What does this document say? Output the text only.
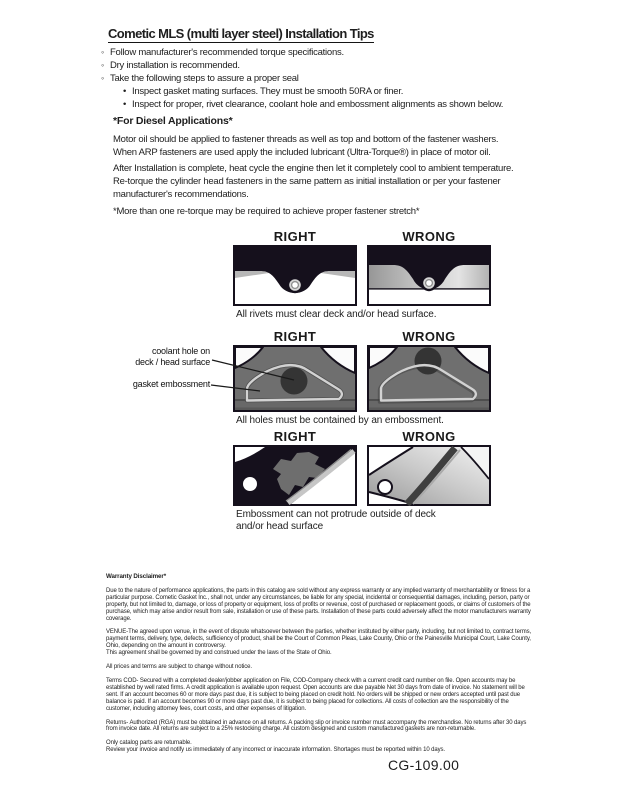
Cometic MLS (multi layer steel) Installation Tips
◦ Follow manufacturer's recommended torque specifications.
◦ Dry installation is recommended.
◦ Take the following steps to assure a proper seal
• Inspect gasket mating surfaces. They must be smooth 50RA or finer.
• Inspect for proper, rivet clearance, coolant hole and embossment alignments as shown below.
*For Diesel Applications*

Motor oil should be applied to fastener threads as well as top and bottom of the fastener washers. When ARP fasteners are used apply the included lubricant (Ultra-Torque®) in place of motor oil.

After Installation is complete, heat cycle the engine then let it completely cool to ambient temperature. Re-torque the cylinder head fasteners in the same pattern as initial installation or per your fastener manufacturer's recommendations.

*More than one re-torque may be required to achieve proper fastener stretch*

RIGHT	WRONG
All rivets must clear deck and/or head surface.
RIGHT	WRONG
All holes must be contained by an embossment.
coolant hole on
deck / head surface
gasket embossment
RIGHT	WRONG
Embossment can not protrude outside of deck and/or head surface
Warranty Disclaimer*

Due to the nature of performance applications, the parts in this catalog are sold without any express warranty or any implied warranty of merchantability or fitness for a particular purpose. Cometic Gasket Inc., shall not, under any circumstances, be liable for any special, incidental or consequential damages, including, person, party or property, but not limited to, damage, or loss of property or equipment, loss of profits or revenue, cost of purchased or replacement goods, or claims of customers of the purchase, which may arise and/or result from sale, installation or use of these parts. Installation of these parts could adversely affect the motor manufacturers warranty coverage.

VENUE-The agreed upon venue, in the event of dispute whatsoever between the parties, whether instituted by either party, including, but not limited to, contract terms, payment terms, delivery, type, defects, sufficiency of product, shall be the Court of Common Pleas, Lake County, Ohio or the Painesville Municipal Court, Lake County, Ohio, depending on the amount in controversy.

This agreement shall be governed by and construed under the laws of the State of Ohio.

All prices and terms are subject to change without notice.

Terms COD- Secured with a completed dealer/jobber application on File, COD-Company check with a current credit card number on file. Open accounts may be established by well rated firms. A credit application is available upon request. Open accounts are due payable Net 30 days from date of invoice. No statement will be sent. If an account becomes 60 or more days past due, it is subject to being placed on credit hold. No orders will be shipped or new orders accepted until past due balance is paid. If an account becomes 90 or more days past due, it is subject to being placed for collections. All costs of collection are the responsibility of the customer, including attorney fees, court costs, and other expenses of litigation.

Returns- Authorized (RGA) must be obtained in advance on all returns. A packing slip or invoice number must accompany the merchandise. No returns after 30 days from invoice date. All returns are subject to a 25% restocking charge. All custom designed and custom manufactured gaskets are non-returnable.

Only catalog parts are returnable.

Review your invoice and notify us immediately of any incorrect or inaccurate information. Shortages must be reported within 10 days.

CG-109.00
